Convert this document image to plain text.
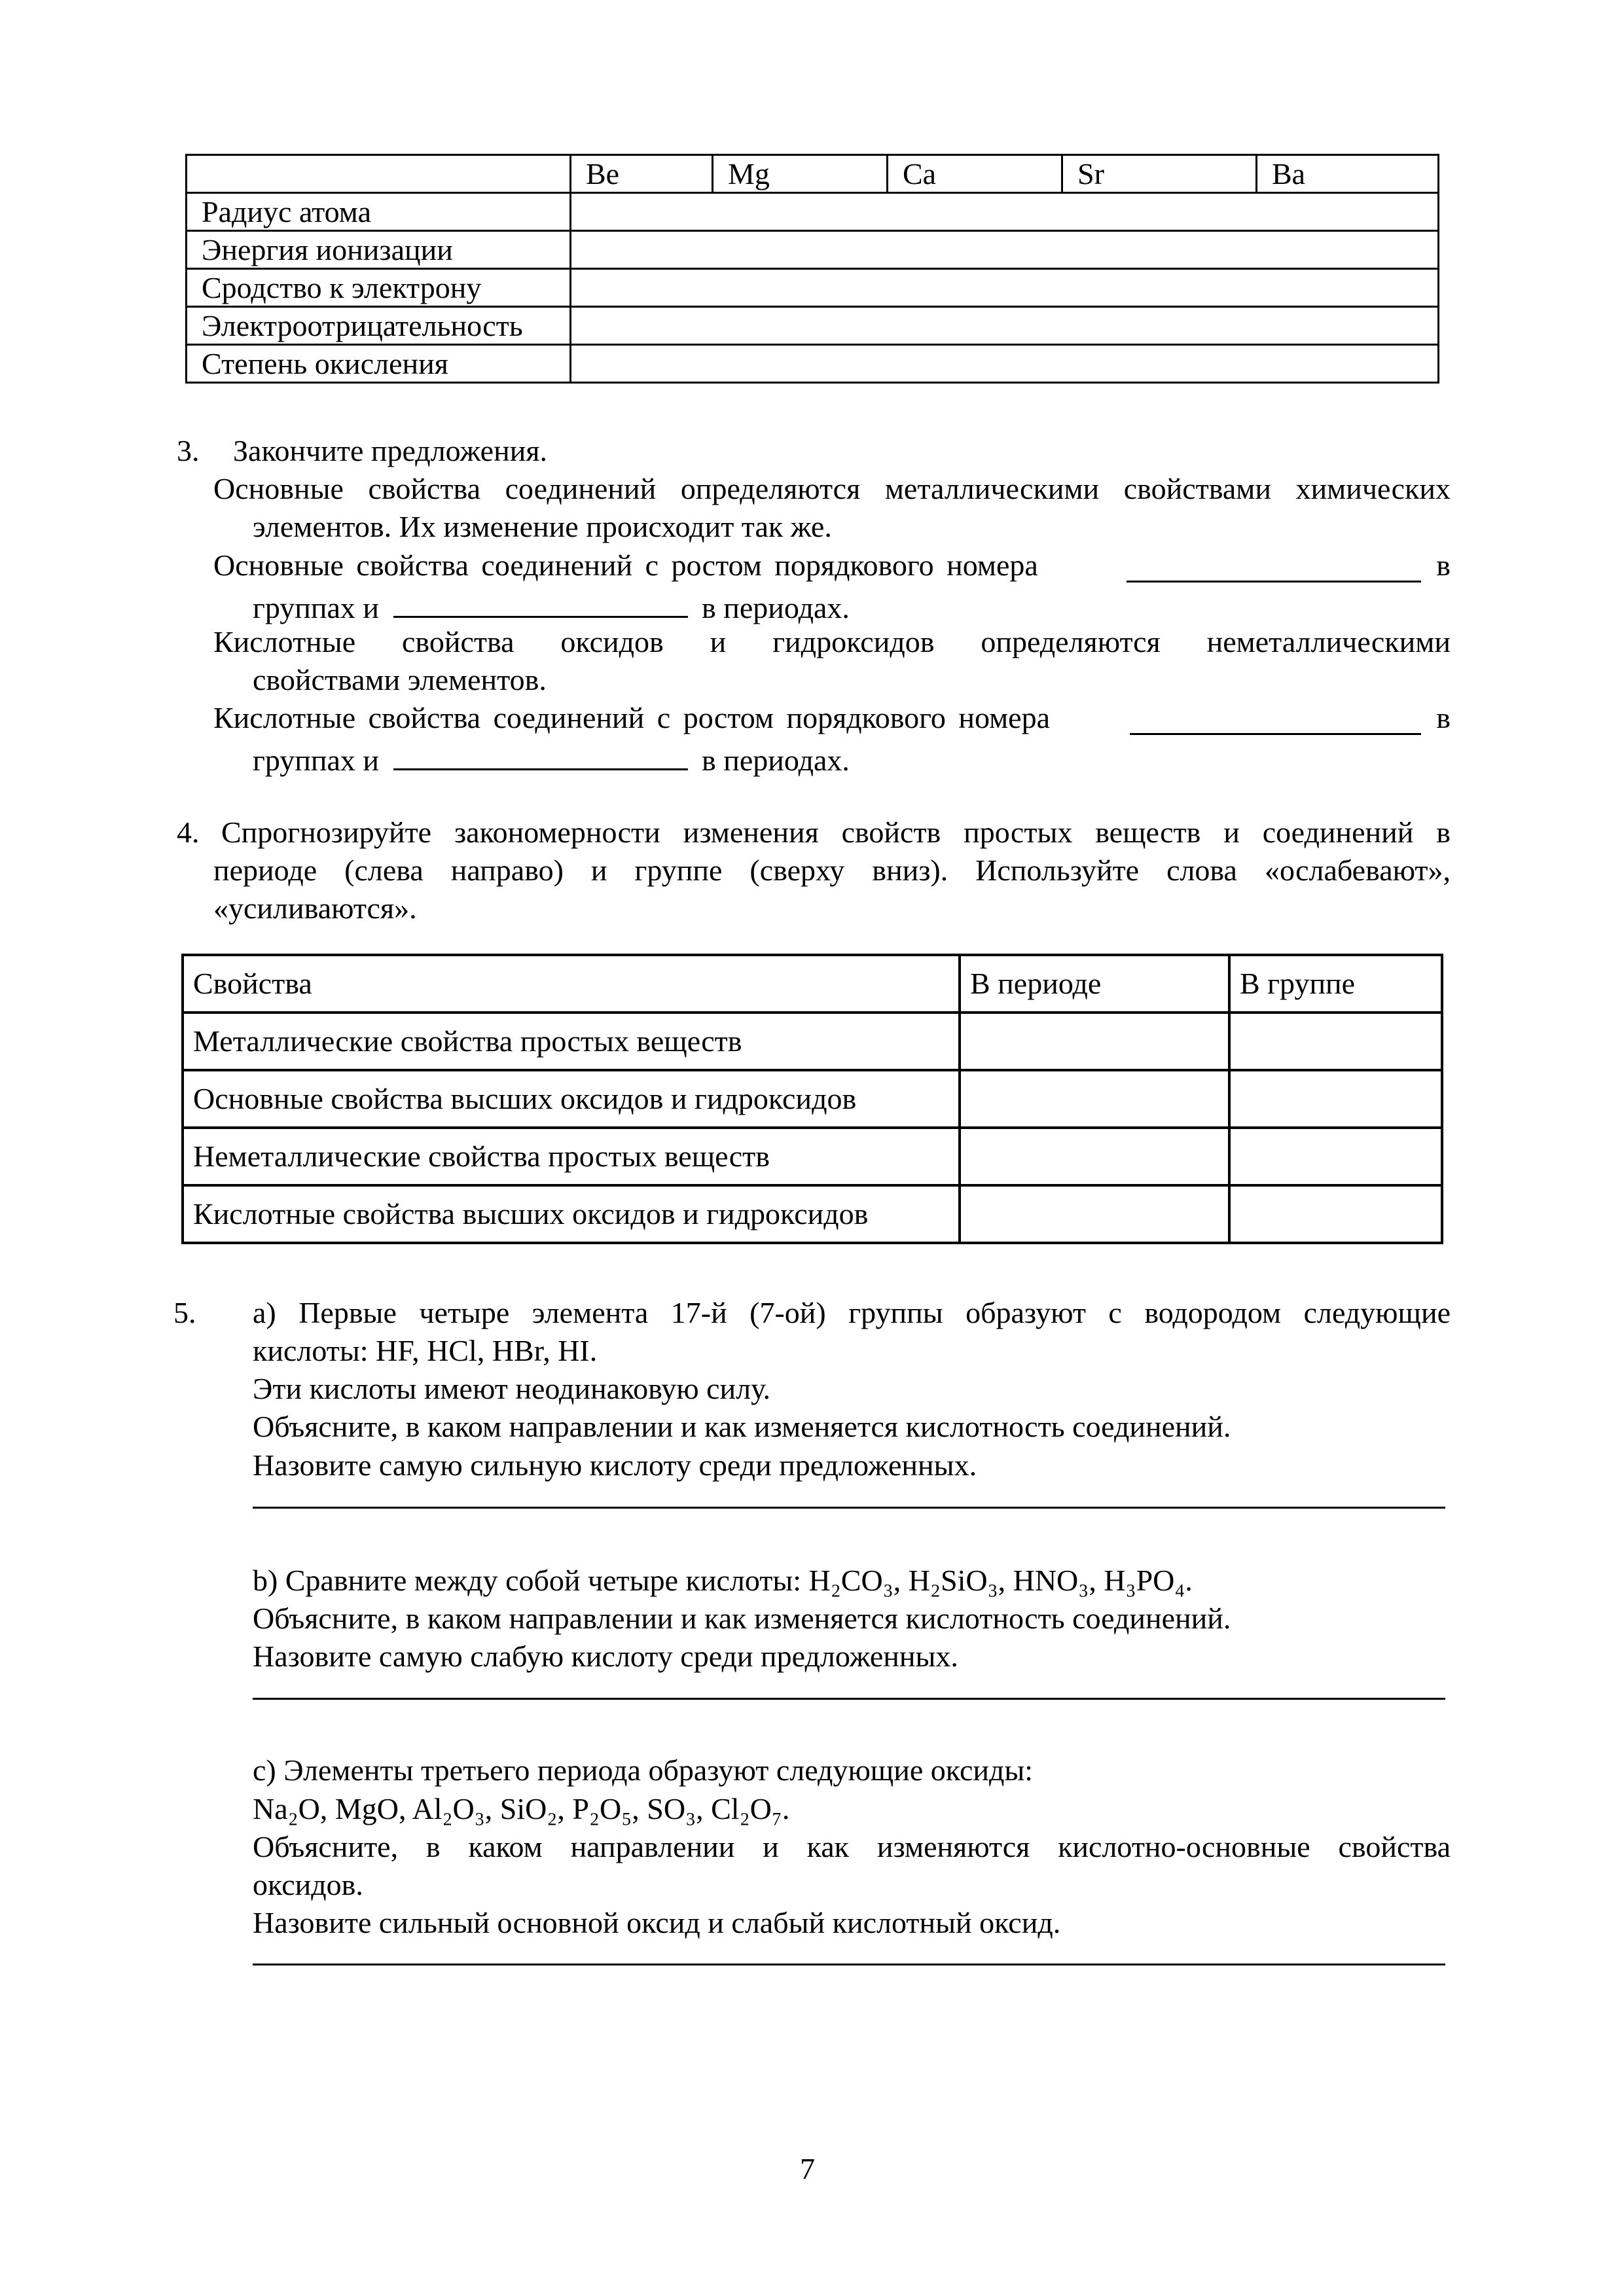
	Be	Mg	Ca	Sr	Ba
Радиус атома					
Энергия ионизации					
Сродство к электрону					
Электроотрицательность					
Степень окисления					
3. Закончите предложения.
Основные свойства соединений определяются металлическими свойствами химических
элементов. Их изменение происходит так же.
Основные свойства соединений с ростом порядкового номера	в
группах и	в периодах.
Кислотные свойства оксидов и гидроксидов определяются неметаллическими
свойствами элементов.
Кислотные свойства соединений с ростом порядкового номера	в
группах и	в периодах.
4. Спрогнозируйте закономерности изменения свойств простых веществ и соединений в
периоде (слева направо) и группе (сверху вниз). Используйте слова «ослабевают»,
«усиливаются».
Свойства	В периоде	В группе
Металлические свойства простых веществ		
Основные свойства высших оксидов и гидроксидов		
Неметаллические свойства простых веществ		
Кислотные свойства высших оксидов и гидроксидов		
5. а) Первые четыре элемента 17-й (7-ой) группы образуют с водородом следующие
кислоты: HF, HCl, HBr, HI.
Эти кислоты имеют неодинаковую силу.
Объясните, в каком направлении и как изменяется кислотность соединений.
Назовите самую сильную кислоту среди предложенных.
b) Сравните между собой четыре кислоты: H₂CO₃, H₂SiO₃, HNO₃, H₃PO₄.
Объясните, в каком направлении и как изменяется кислотность соединений.
Назовите самую слабую кислоту среди предложенных.
с) Элементы третьего периода образуют следующие оксиды:
Na₂O, MgO, Al₂O₃, SiO₂, P₂O₅, SO₃, Cl₂O₇.
Объясните, в каком направлении и как изменяются кислотно-основные свойства
оксидов.
Назовите сильный основной оксид и слабый кислотный оксид.
7
